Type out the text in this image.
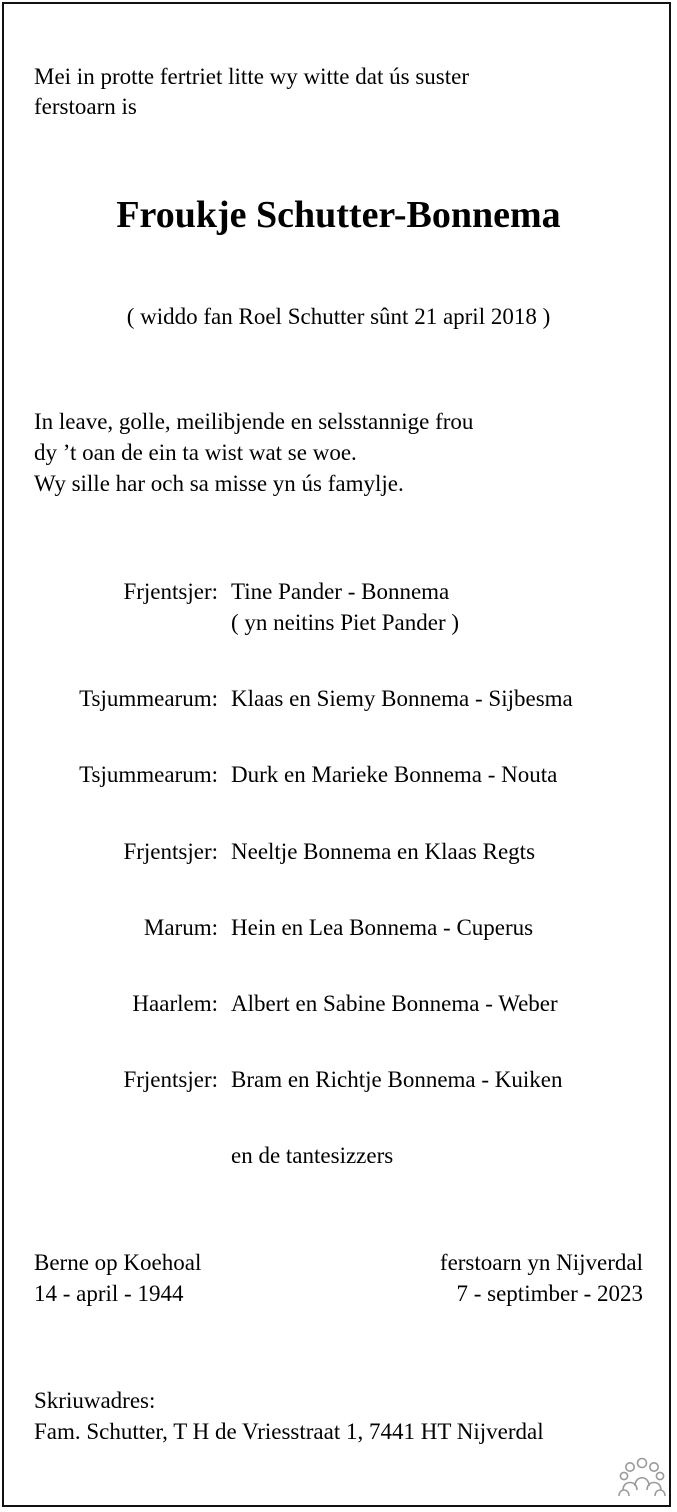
Mei in protte fertriet litte wy witte dat ús suster
ferstoarn is
Froukje Schutter-Bonnema
( widdo fan Roel Schutter sûnt 21 april 2018 )
In leave, golle, meilibjende en selsstannige frou
dy ’t oan de ein ta wist wat se woe.
Wy sille har och sa misse yn ús famylje.
Frjentsjer: Tine Pander - Bonnema
( yn neitins Piet Pander )
Tsjummearum: Klaas en Siemy Bonnema - Sijbesma
Tsjummearum: Durk en Marieke Bonnema - Nouta
Frjentsjer: Neeltje Bonnema en Klaas Regts
Marum: Hein en Lea Bonnema - Cuperus
Haarlem: Albert en Sabine Bonnema - Weber
Frjentsjer: Bram en Richtje Bonnema - Kuiken
en de tantesizzers
Berne op Koehoal
14 - april - 1944
ferstoarn yn Nijverdal
7 - septimber - 2023
Skriuwadres:
Fam. Schutter, T H de Vriesstraat 1, 7441 HT Nijverdal
